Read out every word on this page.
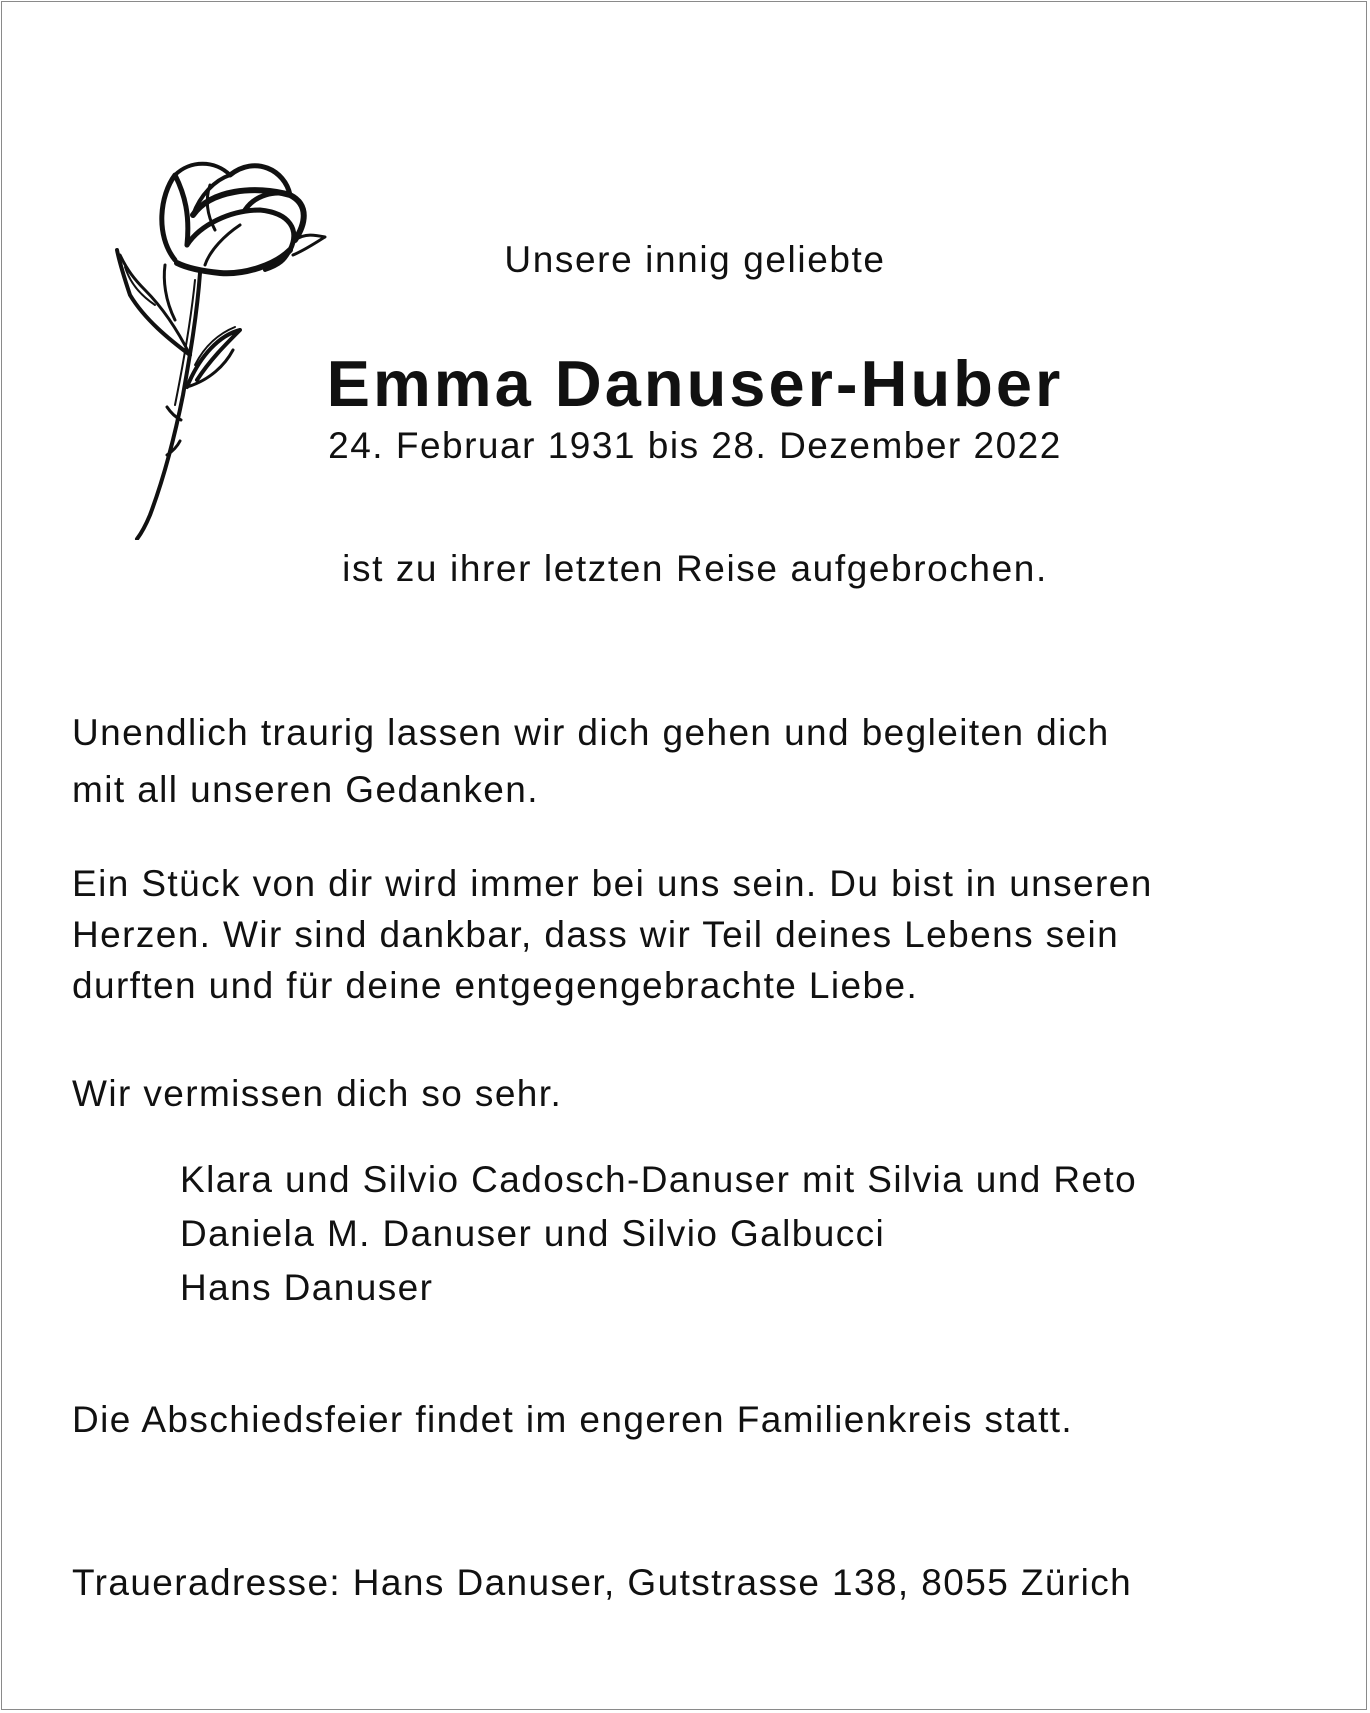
Unsere innig geliebte
Emma Danuser-Huber
24. Februar 1931 bis 28. Dezember 2022
ist zu ihrer letzten Reise aufgebrochen.
Unendlich traurig lassen wir dich gehen und begleiten dich
mit all unseren Gedanken.
Ein Stück von dir wird immer bei uns sein. Du bist in unseren
Herzen. Wir sind dankbar, dass wir Teil deines Lebens sein
durften und für deine entgegengebrachte Liebe.
Wir vermissen dich so sehr.
Klara und Silvio Cadosch-Danuser mit Silvia und Reto
Daniela M. Danuser und Silvio Galbucci
Hans Danuser
Die Abschiedsfeier findet im engeren Familienkreis statt.
Traueradresse: Hans Danuser, Gutstrasse 138, 8055 Zürich
